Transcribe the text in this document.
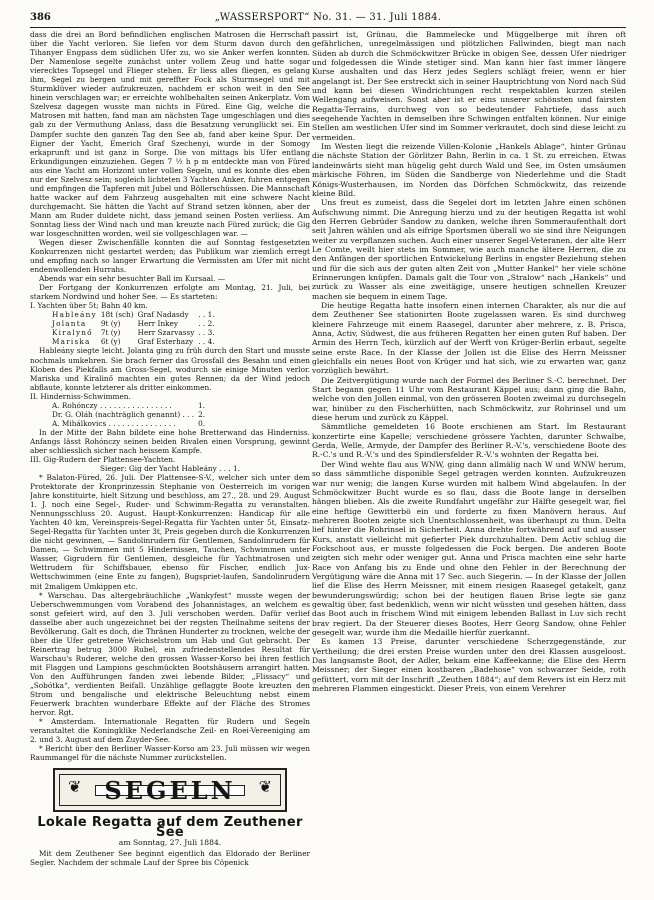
386	„WASSERSPORT“ No. 31. — 31. Juli 1884.

dass die drei an Bord befindlichen englischen Matrosen die Herrschaft über die Yacht verloren. Sie liefen vor dem Sturm davon durch den Tihanyer Engpass dem südlichen Ufer zu, wo sie Anker werfen konnten. Der Namenlose segelte zunächst unter vollem Zeug und hatte sogar vierecktes Topsegel und Flieger stehen. Er liess alles fliegen, es gelang ihm, Segel zu bergen und mit gereffter Fock als Sturmsegel und mit Sturmklüver wieder aufzukreuzen, nachdem er schon weit in den See hinein verschlagen war; er erreichte wohlbehalten seinen Ankerplatz. Vom Szelvesz dagegen wusste man nichts in Füred. Eine Gig, welche die Matrosen mit hatten, fand man am nächsten Tage umgeschlagen und dies gab zu der Vermuthung Anlass, dass die Besatzung verunglückt sei. Ein Dampfer suchte den ganzen Tag den See ab, fand aber keine Spur. Der Eigner der Yacht, Emerich Graf Szechenyi, wurde in der Somogy erkaprunft und ist ganz in Sorge. Die von mittags bis Ufer entlang Erkundigungen einzuziehen. Gegen 7 ½ h p m entdeckte man von Füred aus eine Yacht am Horizont unter vollen Segeln, und es konnte dies eben nur der Szelvesz sein; sogleich lichteten 3 Yachten Anker, fuhren entgegen und empfingen die Tapferen mit Jubel und Böllerschüssen. Die Mannschaft hatte wacker auf dem Fahrzeug ausgehalten mit eine schwere Nacht durchgemacht. Sie hätten die Yacht auf Strand setzen können, aber der Mann am Ruder duldete nicht, dass jemand seinen Posten verliess. Am Sonntag liess der Wind nach und man kreuzte nach Füred zurück; die Gig war losgeschnitten worden, weil sie vollgeschlagen war. —

Wegen dieser Zwischenfälle konnten die auf Sonntag festgesetzten Konkurrenzen nicht gestartet werden; das Publikum war ziemlich erregt und empfing nach so langer Erwartung die Vermissten am Ufer mit nicht endenwollenden Hurrahs.

Abends war ein sehr besuchter Ball im Kursaal. —

Der Fortgang der Konkurrenzen erfolgte am Montag, 21. Juli, bei starkem Nordwind und hoher See. — Es starteten:

I. Yachten über 5t; Bahn 40 km.

Hableány	18t (sch)	Graf Nadasdy	. . 1.
Jolanta	9t (y)	Herr Inkey	. . 2.
Kiralynő	7t (y)	Herr Szarvassy	. . 3.
Mariska	6t (y)	Graf Esterhazy	. . 4.

Hableány siegte leicht. Jolanta ging zu früh durch den Start und musste nochmals umkehren. Sie brach ferner das Grossfall des Besahn und einen Kloben des Piekfalls am Gross-Segel, wodurch sie einige Minuten verlor. Mariska und Kiralinő machten ein gutes Rennen; da der Wind jedoch abflaute, konnte letzterer als dritter einkommen.

II. Hinderniss-Schwimmen.

A. Rohónczy . . . . . . . . . . . . . . . .	1.
Dr. G. Oláh (nachträglich genannt) . . .	2.
A. Mihálkovics . . . . . . . . . . . . . . .	0.

In der Mitte der Bahn bildete eine hohe Bretterwand das Hinderniss. Anfangs lässt Rohónczy seinen beiden Rivalen einen Vorsprung, gewinnt aber schliesslich sicher nach heissem Kampfe.

III. Gig-Rudern der Plattensee-Yachten.

Sieger: Gig der Yacht Hableány . . . 1.

* Balaton-Füred, 26. Juli. Der Plattensee-S-V., welcher sich unter dem Protektorate der Kronprinzessin Stephanie von Oesterreich im vorigen Jahre konstituirte, hielt Sitzung und beschloss, am 27., 28. und 29. August 1. J. noch eine Segel-, Ruder- und Schwimm-Regatta zu veranstalten. Nennungsschluss 20. August. Haupt-Konkurrenzen: Handicap für alle Yachten 40 km, Vereinspreis-Segel-Regatta für Yachten unter 5t, Einsatz-Segel-Regatta für Yachten unter 3t, Preis gegeben durch die Konkurrenzen die nicht gewinnen, — Sandolinrudern für Gentlemen, Sandolinrudern für Damen, — Schwimmen mit 5 Hindernissen, Tauchen, Schwimmen unter Wasser, Gigrudern für Gentlemen, desgleiche für Yachtmatrosen und Wettrudern für Schiffsbauer, ebenso für Fischer, endlich Jux-Wettschwimmen (eine Ente zu fangen), Bugspriet-laufen, Sandolinrudern mit 2maligem Umkippen etc.

* Warschau. Das altergebräuchliche „Wankyfest“ musste wegen der Ueberschwemmungen vom Vorabend des Johannistages, an welchem es sonst gefeiert wird, auf den 3. Juli verschoben werden. Dafür verlief dasselbe aber auch ungezeichnet bei der regsten Theilnahme seitens der Bevölkerung. Galt es doch, die Thränen Hunderter zu trocknen, welche der über die Ufer getretene Weichselstrom um Hab und Gut gebracht. Der Reinertrag betrug 3000 Rubel, ein zufriedenstellendes Resultat für Warschau's Ruderer, welche den grossen Wasser-Korso bei ihren festlich mit Flaggen und Lampions geschmückten Bootshäusern arrangirt hatten. Von den Aufführungen fanden zwei lebende Bilder, „Flissacy“ und „Sobótka“, verdienten Beifall. Unzählige geflaggte Boote kreuzten den Strom und bengalische und elektrische Beleuchtung nebst einem Feuerwerk brachten wunderbare Effekte auf der Fläche des Stromes hervor. Rgt.

* Amsterdam. Internationale Regatten für Rudern und Segeln veranstaltet die Koningklike Nederlandsche Zeil- en Roei-Vereeniging am 2. und 3. August auf dem Zuyder-See.

* Bericht über den Berliner Wasser-Korso am 23. Juli müssen wir wegen Raummangel für die nächste Nummer zurückstellen.

❦ SEGELN	❦
Lokale Regatta auf dem Zeuthener See
am Sonntag, 27. Juli 1884.

Mit dem Zeuthener See beginnt eigentlich das Eldorado der Berliner Segler. Nachdem der schmale Lauf der Spree bis Cöpenick

passirt ist, Grünau, die Bammelecke und Müggelberge mit ihren oft gefährlichen, unregelmässigen und plötzlichen Fallwinden, biegt man nach Süden ab durch die Schmöckwitzer Brücke in obigen See, dessen Ufer niedriger und folgedessen die Winde stetiger sind. Man kann hier fast immer längere Kurse aushalten und das Herz jedes Seglers schlägt freier, wenn er hier angelangt ist. Der See erstreckt sich in seiner Hauptrichtung von Nord nach Süd und kann bei diesen Windrichtungen recht respektablen kurzen steilen Wellengang aufweisen. Sonst aber ist er eins unserer schönsten und fairsten Regatta-Terrains, durchweg von so bedeutender Fahrtiefe, dass auch seegehende Yachten in demselben ihre Schwingen entfalten können. Nur einige Stellen am westlichen Ufer sind im Sommer verkrautet, doch sind diese leicht zu vermeiden.

Im Westen liegt die reizende Villen-Kolonie „Hankels Ablage“, hinter Grünau die nächste Station der Görlitzer Bahn, Berlin in ca. 1 St. zu erreichen. Etwas landeinwärts sieht man hügelig geht durch Wald und See, im Osten umsäumen märkische Föhren, im Süden die Sandberge von Niederlehme und die Stadt Königs-Wusterhausen, im Norden das Dörfchen Schmöckwitz, das reizende kleine Bild.

Uns freut es zumeist, dass die Segelei dort im letzten Jahre einen schönen Aufschwung nimmt. Die Anregung hierzu und zu der heutigen Regatta ist wohl den Herren Gebrüder Sandow zu danken, welche ihren Sommeraufenthalt dort seit Jahren wählen und als eifrige Sportsmen überall wo sie sind ihre Neigungen weiter zu verpflanzen suchen. Auch einer unserer Segel-Veteranen, der alte Herr Le Comte, weilt hier stets im Sommer, wie auch manche ältere Herren, die zu den Anfängen der sportlichen Entwickelung Berlins in engster Beziehung stehen und für die sich aus der guten alten Zeit von „Mutter Hankel“ her viele schöne Erinnerungen knüpfen. Damals galt die Tour von „Stralow“ nach „Hankels“ und zurück zu Wasser als eine zweitägige, unsere heutigen schnellen Kreuzer machen sie bequem in einem Tage.

Die heutige Regatta hatte insofern einen internen Charakter, als nur die auf dem Zeuthener See stationirten Boote zugelassen waren. Es sind durchweg kleinere Fahrzeuge mit einem Raasegel, darunter aber mehrere, z. B. Prisca, Anna, Activ, Südwest, die aus früheren Regatten her einen guten Ruf haben. Der Armin des Herrn Tech, kürzlich auf der Werft von Krüger-Berlin erbaut, segelte seine erste Race. In der Klasse der Jollen ist die Elise des Herrn Meissner gleichfalls ein neues Boot von Krüger und hat sich, wie zu erwarten war, ganz vorzüglich bewährt.

Die Zeitvergütigung wurde nach der Formel des Berliner S.-C. berechnet. Der Start begann gegen 11 Uhr vom Restaurant Käppel aus; dann ging die Bahn, welche von den Jollen einmal, von den grösseren Booten zweimal zu durchsegeln war, hinüber zu den Fischerhütten, nach Schmöckwitz, zur Rohrinsel und um diese herum und zurück zu Käppel.

Sämmtliche gemeldeten 16 Boote erschienen am Start. Im Restaurant konzertirte eine Kapelle; verschiedene grössere Yachten, darunter Schwalbe, Gerda, Welle, Armyde, der Dampfer des Berliner R.-V.'s, verschiedene Boote des R.-C.'s und R.-V.'s und des Spindlersfelder R.-V.'s wohnten der Regatta bei.

Der Wind wehte flau aus WNW, ging dann allmälig nach W und WNW herum, so dass sämmtliche disponible Segel getragen werden konnten. Aufzukreuzen war nur wenig; die langen Kurse wurden mit halbem Wind abgelaufen. In der Schmöckwitzer Bucht wurde es so flau, dass die Boote lange in derselben hängen blieben. Als die zweite Rundfahrt ungefähr zur Hälfte gesegelt war, fiel eine heftige Gewitterbö ein und forderte zu fixen Manövern heraus. Auf mehreren Booten zeigte sich Unentschlossenheit, was überhaupt zu thun. Delta lief hinter die Rohrinsel in Sicherheit. Anna drehte fortwährend auf und ausser Kurs, anstatt vielleicht mit gefierter Piek durchzuhalten. Dem Activ schlug die Fockschoot aus, er musste folgedessen die Fock bergen. Die anderen Boote zeigten sich mehr oder weniger gut. Anna und Prisca machten eine sehr harte Race von Anfang bis zu Ende und ohne den Fehler in der Berechnung der Vergütigung wäre die Anna mit 17 Sec. auch Siegerin. — In der Klasse der Jollen lief die Elise des Herrn Meissner, mit einem riesigen Raasegel getakelt, ganz bewunderungswürdig; schon bei der heutigen flauen Brise legte sie ganz gewaltig über, fast bedenklich, wenn wir nicht wüssten und gesehen hätten, dass das Boot auch in frischem Wind mit einigem lebenden Ballast in Luv sich recht brav regiert. Da der Steuerer dieses Bootes, Herr Georg Sandow, ohne Fehler gesegelt war, wurde ihm die Medaille hierfür zuerkannt.

Es kamen 13 Preise, darunter verschiedene Scherzgegenstände, zur Vertheilung; die drei ersten Preise wurden unter den drei Klassen ausgeloost. Das langsamste Boot, der Adler, bekam eine Kaffeekanne; die Elise des Herrn Meissner; der Sieger einen kostbaren „Badehose“ von schwarzer Seide, roth gefüttert, vorn mit der Inschrift „Zeuthen 1884“; auf dem Revers ist ein Herz mit mehreren Flammen eingestickt. Dieser Preis, von einem Verehrer
